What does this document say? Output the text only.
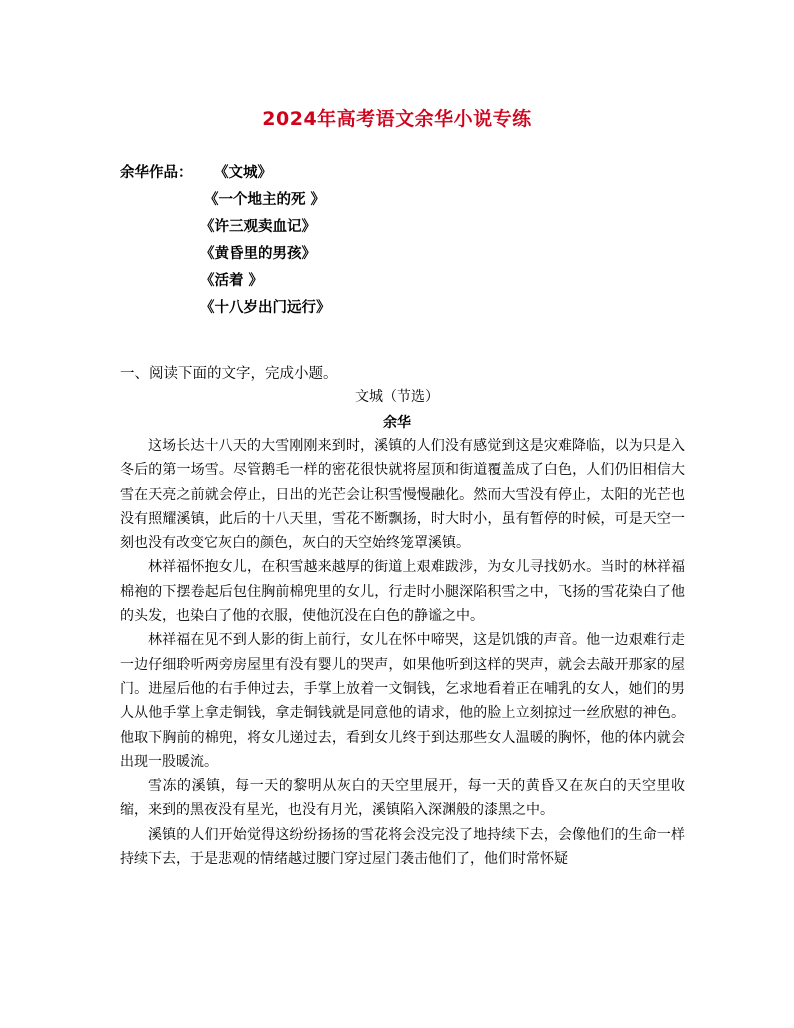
2024年高考语文余华小说专练
余华作品： 《文城》
《一个地主的死 》
《许三观卖血记》
《黄昏里的男孩》
《活着 》
《十八岁出门远行》
一、阅读下面的文字，完成小题。
文城（节选）
余华

这场长达十八天的大雪刚刚来到时，溪镇的人们没有感觉到这是灾难降临，以为只是入冬后的第一场雪。尽管鹅毛一样的密花很快就将屋顶和街道覆盖成了白色，人们仍旧相信大雪在天亮之前就会停止，日出的光芒会让积雪慢慢融化。然而大雪没有停止，太阳的光芒也没有照耀溪镇，此后的十八天里，雪花不断飘扬，时大时小，虽有暂停的时候，可是天空一刻也没有改变它灰白的颜色，灰白的天空始终笼罩溪镇。

林祥福怀抱女儿，在积雪越来越厚的街道上艰难跋涉，为女儿寻找奶水。当时的林祥福棉袍的下摆卷起后包住胸前棉兜里的女儿，行走时小腿深陷积雪之中，飞扬的雪花染白了他的头发，也染白了他的衣服，使他沉没在白色的静谧之中。

林祥福在见不到人影的街上前行，女儿在怀中啼哭，这是饥饿的声音。他一边艰难行走一边仔细聆听两旁房屋里有没有婴儿的哭声，如果他听到这样的哭声，就会去敲开那家的屋门。进屋后他的右手伸过去，手掌上放着一文铜钱，乞求地看着正在哺乳的女人，她们的男人从他手掌上拿走铜钱，拿走铜钱就是同意他的请求，他的脸上立刻掠过一丝欣慰的神色。他取下胸前的棉兜，将女儿递过去，看到女儿终于到达那些女人温暖的胸怀，他的体内就会出现一股暖流。

雪冻的溪镇，每一天的黎明从灰白的天空里展开，每一天的黄昏又在灰白的天空里收缩，来到的黑夜没有星光，也没有月光，溪镇陷入深渊般的漆黑之中。

溪镇的人们开始觉得这纷纷扬扬的雪花将会没完没了地持续下去，会像他们的生命一样持续下去，于是悲观的情绪越过腰门穿过屋门袭击他们了，他们时常怀疑
